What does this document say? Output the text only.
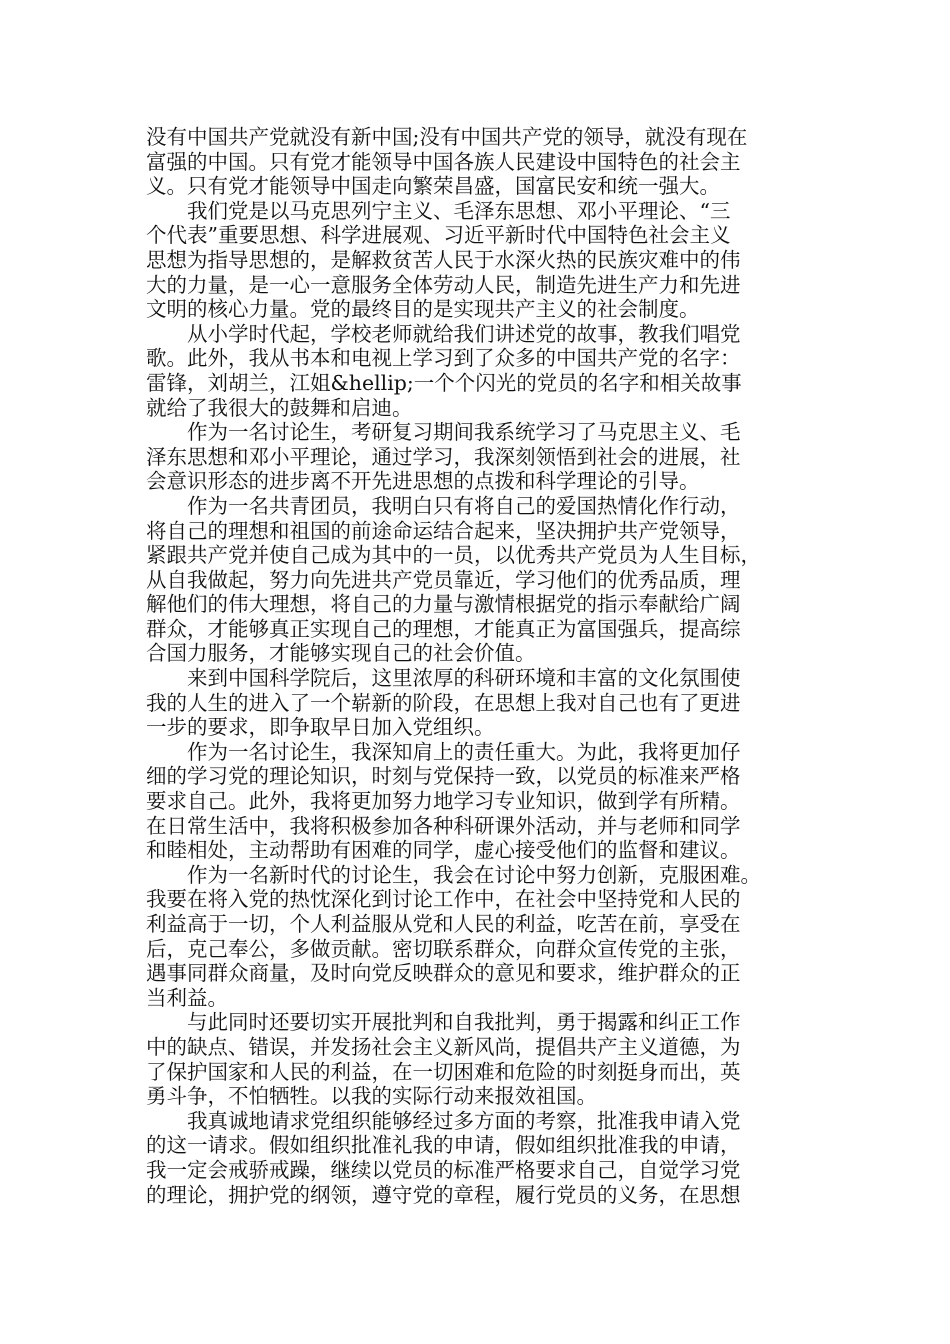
没有中国共产党就没有新中国;没有中国共产党的领导，就没有现在
富强的中国。只有党才能领导中国各族人民建设中国特色的社会主
义。只有党才能领导中国走向繁荣昌盛，国富民安和统一强大。
　　我们党是以马克思列宁主义、毛泽东思想、邓小平理论、“三
个代表”重要思想、科学进展观、习近平新时代中国特色社会主义
思想为指导思想的，是解救贫苦人民于水深火热的民族灾难中的伟
大的力量，是一心一意服务全体劳动人民，制造先进生产力和先进
文明的核心力量。党的最终目的是实现共产主义的社会制度。
　　从小学时代起，学校老师就给我们讲述党的故事，教我们唱党
歌。此外，我从书本和电视上学习到了众多的中国共产党的名字：
雷锋，刘胡兰，江姐&hellip;一个个闪光的党员的名字和相关故事
就给了我很大的鼓舞和启迪。
　　作为一名讨论生，考研复习期间我系统学习了马克思主义、毛
泽东思想和邓小平理论，通过学习，我深刻领悟到社会的进展，社
会意识形态的进步离不开先进思想的点拨和科学理论的引导。
　　作为一名共青团员，我明白只有将自己的爱国热情化作行动，
将自己的理想和祖国的前途命运结合起来，坚决拥护共产党领导，
紧跟共产党并使自己成为其中的一员，以优秀共产党员为人生目标，
从自我做起，努力向先进共产党员靠近，学习他们的优秀品质，理
解他们的伟大理想，将自己的力量与激情根据党的指示奉献给广阔
群众，才能够真正实现自己的理想，才能真正为富国强兵，提高综
合国力服务，才能够实现自己的社会价值。
　　来到中国科学院后，这里浓厚的科研环境和丰富的文化氛围使
我的人生的进入了一个崭新的阶段，在思想上我对自己也有了更进
一步的要求，即争取早日加入党组织。
　　作为一名讨论生，我深知肩上的责任重大。为此，我将更加仔
细的学习党的理论知识，时刻与党保持一致，以党员的标准来严格
要求自己。此外，我将更加努力地学习专业知识，做到学有所精。
在日常生活中，我将积极参加各种科研课外活动，并与老师和同学
和睦相处，主动帮助有困难的同学，虚心接受他们的监督和建议。
　　作为一名新时代的讨论生，我会在讨论中努力创新，克服困难。
我要在将入党的热忱深化到讨论工作中，在社会中坚持党和人民的
利益高于一切，个人利益服从党和人民的利益，吃苦在前，享受在
后，克己奉公，多做贡献。密切联系群众，向群众宣传党的主张，
遇事同群众商量，及时向党反映群众的意见和要求，维护群众的正
当利益。
　　与此同时还要切实开展批判和自我批判，勇于揭露和纠正工作
中的缺点、错误，并发扬社会主义新风尚，提倡共产主义道德，为
了保护国家和人民的利益，在一切困难和危险的时刻挺身而出，英
勇斗争，不怕牺牲。以我的实际行动来报效祖国。
　　我真诚地请求党组织能够经过多方面的考察，批准我申请入党
的这一请求。假如组织批准礼我的申请，假如组织批准我的申请，
我一定会戒骄戒躁，继续以党员的标准严格要求自己，自觉学习党
的理论，拥护党的纲领，遵守党的章程，履行党员的义务，在思想
